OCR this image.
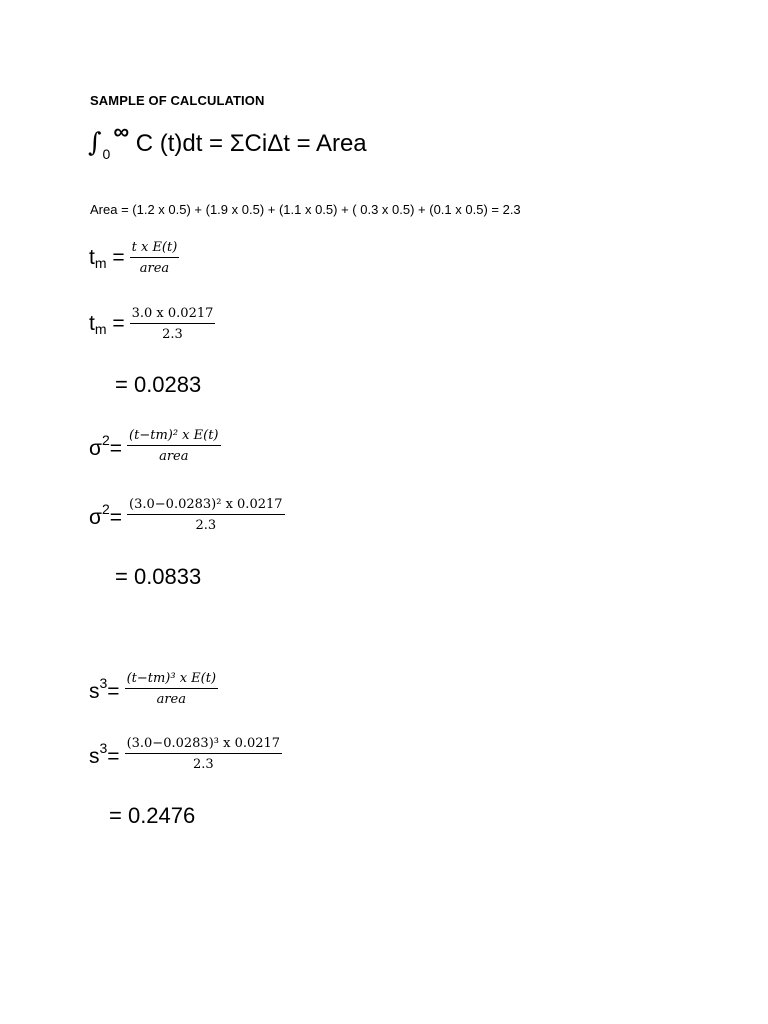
SAMPLE OF CALCULATION
$\int_0\infty$ C (t)dt = ΣCiΔt = Area
Area = (1.2 x 0.5) + (1.9 x 0.5) + (1.1 x 0.5) + ( 0.3 x 0.5) + (0.1 x 0.5) = 2.3
$t_m = \frac{\text{t x E(t)}}{\text{area}}$
$t_m = \frac{3.0 x 0.0217}{2.3}$
= 0.0283
$\sigma^2= \frac{\text{(t−tm)² x E(t)}}{\text{area}}$
$\sigma^2= \frac{\text{(3.0−0.0283)² x 0.0217}}{2.3}$
= 0.0833
$s^3= \frac{\text{(t−tm)³ x E(t)}}{\text{area}}$
$s^3= \frac{\text{(3.0−0.0283)³ x 0.0217}}{2.3}$
= 0.2476
